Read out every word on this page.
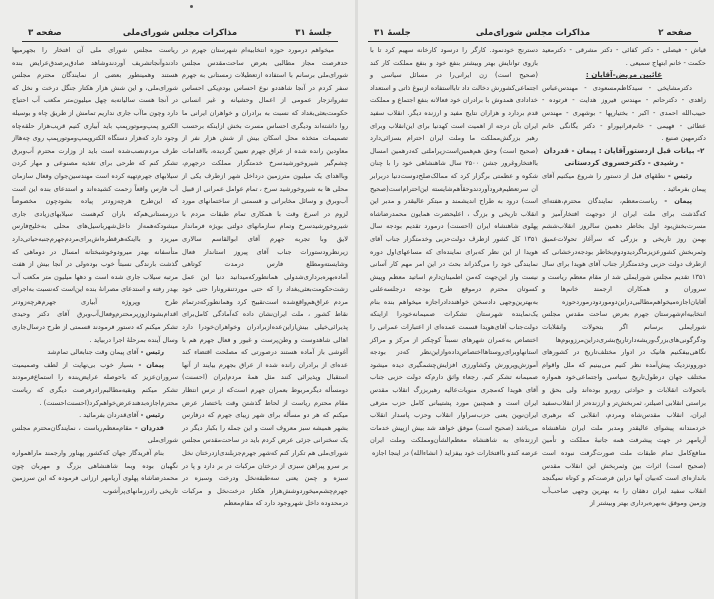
جلسهٔ ۳۱
مذاکرات مجلس شورای‌ملی
صفحه ۳

میخواهم درمورد حوزه انتخابیه‌ام شهرستان جهرم در حدفرصت مجاز مطالبی بعرض ساحت‌مقدس مجلس شورای‌ملی برسانم با استفاده ازتعطیلات زمستانی به جهرم سفر کردم در آنجا شاهددو نوع احساس بودم‌یکی احساس تنفروانزجار عمومی از اعمال وحشیانه و غیر انسانی حکومت‌بعثی‌بغداد که نسبت به برادران و خواهران ایرانی ما روا داشته‌اند ودیگری احساس مسرت‌ بخش ازاینکه برحسب تصمیمات متخذه محل اسکان بیش از شش هزار نفر از معاودین رانده شده از عراق جهرم تعیین گردیده، بااقدامات چشم‌گیر شیروخورشیدسرخ خدمتگزار مملکت درجهرم، وبااهدای یک میلیون مترزمین درداخل شهر ازطرف یکی از محلی ها به شیروخورشید سرخ ، تمام عوامل عمرانی از قبیل آب‌وبرق و وسائل مخابراتی و قسمتی از ساختمانهای مورد لزوم در اسرع وقت با همکاری تمام طبقات مردم با شیروخورشیدسرخ وتمام سازمانهای دولتی بویژه فرماندار لایق وبا تجربه جهرم آقای ابوالقاسم سالاری زیرنظرودستورات جناب آقای پیروز استاندار فعال وشایسته‌ومطلع فارس درمدت کوتاهی آماده‌بهره‌برداری‌شدولی همانطورکه‌میدانید دنیا این عمل زشت‌حکومت‌بعثی‌بغداد را که حتی موردتنفرونارا حتی خود مردم عراق‌هم‌واقع‌شده است‌تقبیح کرد وهمانطورکه‌درتمام نقاط کشور ، ملت ایران‌نشان داده که‌آمادگی کامل‌برای پذیرائی‌خیلی بیش‌ازاین‌عده‌ازبرادران وخواهران‌خودرا دارد اهالی شاهدوست و وطن‌پرست و غیور و فعال جهرم هم با آغوشی باز آماده هستند درصورتی که مصلحت اقتضاء کند عده‌ای از برادران رانده شده از عراق بجهرم بیایند از آنها استقبال وپذیرائی کنند مثل همهٔ مردم‌ایران (احسنت) دومسأله دیگرمربوط بعمران جهرم است‌که از ترس انتظار مقام محترم ریاست از لحاظ گذشتن وقت باختصار عرض میکنم که هر دو مسأله برای شهر زیبای جهرم که درفارس بشهر همیشه سبز معروف است و این جمله را بکبار دیگر در یک سخنرانی جزئی عرض کردم باید در ساحت‌مقدس مجلس شورای‌ملی هم تکرار کنم که‌شهر جهرم‌جزبلندی‌ازدرختان نخل بر سرو پیراهن سبزی از درختان مرکبات در بر دارد و پا در سبزه و چمن یعنی سه‌طبقه‌نخل ودرخت وسبزه در جهرم‌چشم‌میخوردوشش‌هزار هکتار درخت‌نخل و مرکبات درمحدوده داخل شهروجود دارد که مقام‌معظم

ریاست مجلس شورای ملی آن افتخار را بجهرمیها دادندوآنجاتشریف آوردندوشاهد صادق‌برصدق‌عرایض بنده هستند وهمینطور بعضی از نمایندگان محترم مجلس شورای‌ملی، و این شش هزار هکتار جنگل درخت و نخل که در آنجا هست سالیانه‌به چهل میلیون‌متر مکعب آب احتیاج دارد وچون ماآب جاری نداریم تمامش از طریق چاه و بوسیله الکترو پمپ‌وموتورپمپ باید آبیاری کنیم قریب‌هزار حلقه‌چاه وجود دارد که‌هزار دستگاه الکتروپمپ‌وموتورپمپ روی چه‌هااز طرف مردم‌نصب‌شده است باید از وزارت محترم آب‌وبرق تشکر کنم که طرحی برای تغذیه مصنوعی و مهار کردن سیلابهای جهرم‌تهیه کرده است مهندسین‌جوان وفعال سازمان آب فارس واقعاً زحمت کشیده‌اند و استدعای بنده این است که این‌طرح هرچه‌زودتر پیاده بشودچون مخصوصاً درزمستانی‌هم‌که باران کم‌هست سیلابهای‌زیادی جاری میشودکه‌همه‌از داخل‌شهرباسیل‌های محلی به‌خلیج‌فارس میریزد و بااینکه‌هرقطره‌اش‌برای‌مردم‌جهرم‌جنبه‌حیاتی‌دارد متأسفانه بهدر میرودوخوشبختانه امسال در دوماهی که گذشت بارندگی نسبتاً خوب بوده‌ولی در آنجا بیش از هفت مرتبه سیلاب جاری شده است و دهها میلیون متر مکعب آب بهدر رفته و استدعای مصرانهٔ بنده این‌است که‌نسبت به‌اجرای طرح وپروژه آبیاری جهرم‌هرچه‌زودتر اقدام‌بشوداز‌وزیرمحترم‌وفعال‌آب‌وبرق آقای دکتر وحیدی تشکر میکنم که دستور فرمودند قسمتی از طرح درسال‌جاری وسال آینده بمرحلهٔ اجرا دربیاید .

رئیس - آقای پیمان وقت جنابعالی تمام‌شد

پیمان - بسیار خوب بی‌نهایت از لطف وصمیمیت سروران‌عزیز که باحوصله عرایض‌بنده را استماع‌فرمودند تشکر میکنم وبقیه‌مطالبم‌رادرفرصت دیگری که ریاست محترم‌اجازه‌بدهندعرض‌خواهم‌کرد(احسنت‌احسنت) .

رئیس - آقای‌قدردان بفرمائید .

قدردان - مقام‌معظم‌ریاست ، نمایندگان‌محترم مجلس شورای‌ملی

بنام آفریدگار جهان که‌کشور پهناور وارجمند ماراهمواره نگهبان بوده وبما شاهنشاهی بزرگ و مهربان چون محمدرضاشاه پهلوی آریامهر ارزانی فرموده که این سرزمین تاریخی رادرزمانهای‌پرآشوب

صفحه ۲
مذاکرات مجلس شورای‌ملی
جلسهٔ ۳۱

قیاش - فیصلی - دکتر کفائی - دکتر مشرقی - دکترمعید حکمت - خانم ابتهاج سمیعی .

غائبین مریض-آقایان :

دکترمشایخی - سیدکاظم‌مسعودی - مهندس‌عباس زاهدی - دکترحاتم - مهندس فیروز هدایت - فرتوده - حبیب‌الله احمدی - اکبر - بختیارپها - بوشهری - مهندس عطائی - فهیمی - خانم‌فرانپوراو - دکتر یگانگی خانم دکترمهین صنیع .

۲- بیانات قبل ازدستورآقایان : پیمان - قدردان - رشیدی - دکترخسروی کردستانی

رئیس - نطقهای قبل از دستور را شروع میکنیم آقای پیمان بفرمائید .

پیمان - ریاست‌معظم، نمایندگان محترم،هفته‌ای که‌گذشت برای ملت ایران از دوجهت افتخارآمیز و مسرت‌بخش‌بود اول بخاطر دهمین سالروز انقلاب‌ششم بهمن روز تاریخی و بزرگی که سرآغاز تحولات‌عمیق وثمربخش کشورعزیزماگردیدودوم‌بخاطر بودجه‌درخشانی که ازطرف دولت حزبی وخدمتگزار جناب آقای هویدا برای سال ۱۳۵۱ تقدیم مجلس شورایملی شد از مقام معظم ریاست و سروران و همکاران ارجمند خانم‌ها و آقایان‌اجازه‌میخواهم‌مطالبی‌دراین‌دومورد‌و‌درمورد‌حوزه انتخابیه‌ام‌شهرستان جهرم بعرض ساحت مقدس مجلس شورایملی برسانم اگر بتحولات وانقلابات ودگرگونی‌های‌بزرگ‌وریشه‌دارتاریخ‌بشری‌دراین‌مرزوبوم‌ها نگاهی‌بیفکنیم هانیک در ادوار مختلف‌تاریخ در کشورهای دوروونزدیک پیش‌آمده نظر کنیم می‌بینیم که ملل واقوام مختلف جهان درطول‌تاریخ سیاسی واجتماعی‌خود همواره باتحولات انقلابات و حوادثی روبرو بوده‌اند ولی بحق و براستی انقلابی اصیلتر، ثمربخش‌تر و ارزنده‌تر از انقلاب‌سفید ایران، انقلاب مقدس‌شاه ومردم، انقلابی که برهبری خردمندانه پیشوای عالیقدر ومدبر ملت ایران شاهنشاه آریامهر در جهت پیشرفت همه جانبهٔ مملکت و تأمین منافع‌کامل تمام طبقات ملت صورت‌گرفت نبوده است (صحیح است) اثرات بین وثمربخش این انقلاب مقدس باندازه‌ای است که‌بیان آنها دراین فرصت‌کم و کوتاه نمیگنجد انقلاب سفید ایران دهقان را به بهترین وجهی صاحب‌آب وزمین وموفق به‌بهره‌برداری بهتر وبیشتر از

دسترنج خودنمود. کارگر را درسود کارخانه سهیم کرد تا با بازوی توانایش بهتر وبیشتر بنفع خود و بنفع مملکت کار کند (صحیح است) زن ایرانی‌را در مسائل سیاسی و اجتماعی‌کشورش دخالت داد تابااستفاده ازنبوغ ذاتی و استعداد خدادادی همدوش با برادران خود فعالانه بنفع اجتماع و مملکت قدم بردارد و هزاران نتایج مفید و ارزنده دیگر. انقلاب سفید ایران بآن درجه از اهمیت است کهدنیا برای این‌انقلاب وبرای رهبر بزرگش‌مملکت ما وملت ایران احترام بسزائی‌دارد (صحیح است) وحق هم‌همین‌است‌زیرا‌ملتی که‌درهمین امسال باافتخاروغرور جشن ۲۵۰۰ سال شاهنشاهی خود را با چنان شکوه و عظمتی برگزار کرد که ممالک‌صلح‌دوست‌دنیا دربرابر آن سرتعظیم‌فرود‌آوردندوحقاً‌هم‌شایسته این‌احترام‌است(صحیح است) درود به طراح اندیشمند و مبتکر عالیقدر و مدبر این انقلاب تاریخی و بزرگ ، اعلیحضرت همایون محمدرضاشاه پهلوی شاهنشاه ایران (احسنت) درمورد تقدیم بودجه سال ۱۳۵۱ کل کشور ازطرف دولت‌حزبی وخدمتگزار جناب آقای هویدا از این نظر که‌برای نماینده‌ای که مساعهای‌اول دوره نمایندگی خود را می‌گذراند بحث در این امر مهم کار آسانی نیست واز این‌جهت که‌من اطمینان‌دارم اساتید معظم وپیش کسوتان محترم درموقع طرح بودجه درجلسه‌علنی به‌بهترین‌وجهی دادسخن خواهنددادراجازه میخواهم بنده بنام یک‌نماینده شهرستان تشکرات صمیمانه‌خودرا ازاینکه دولت‌جناب آقای‌هویدا قسمت عمده‌ای از اعتبارات عمرانی را اختصاص به‌عمران شهرهای نسبتاً کوچکتر از مرکز و مراکز استانهاوبرای‌روستاها‌اختصاص‌داده‌واز‌این‌نظر که‌در بودجه آموزش‌وپرورش وکشاورزی افزایش‌چشمگیری دیده میشود صمیمانه تشکر کنم. رجعاء واثق دارم‌که دولت حزبی جناب آقای هویدا که‌مجری منویات‌عالیه رهبربزرگ انقلاب مقدس ایران است و همچنین مورد پشتیبانی کامل حزب مترقی ایران‌نوین یعنی حزب‌سراوار انقلاب وحزب پاسدار انقلاب می‌باشد (صحیح است) موفق خواهد شد بیش ازپیش خدمات ارزنده‌ای به شاهنشاه معظم‌الشأن‌ومملکت وملت ایران عرضه کندو باافتخارات خود بیفزاید ( انشاءالله) در اینجا اجازه
